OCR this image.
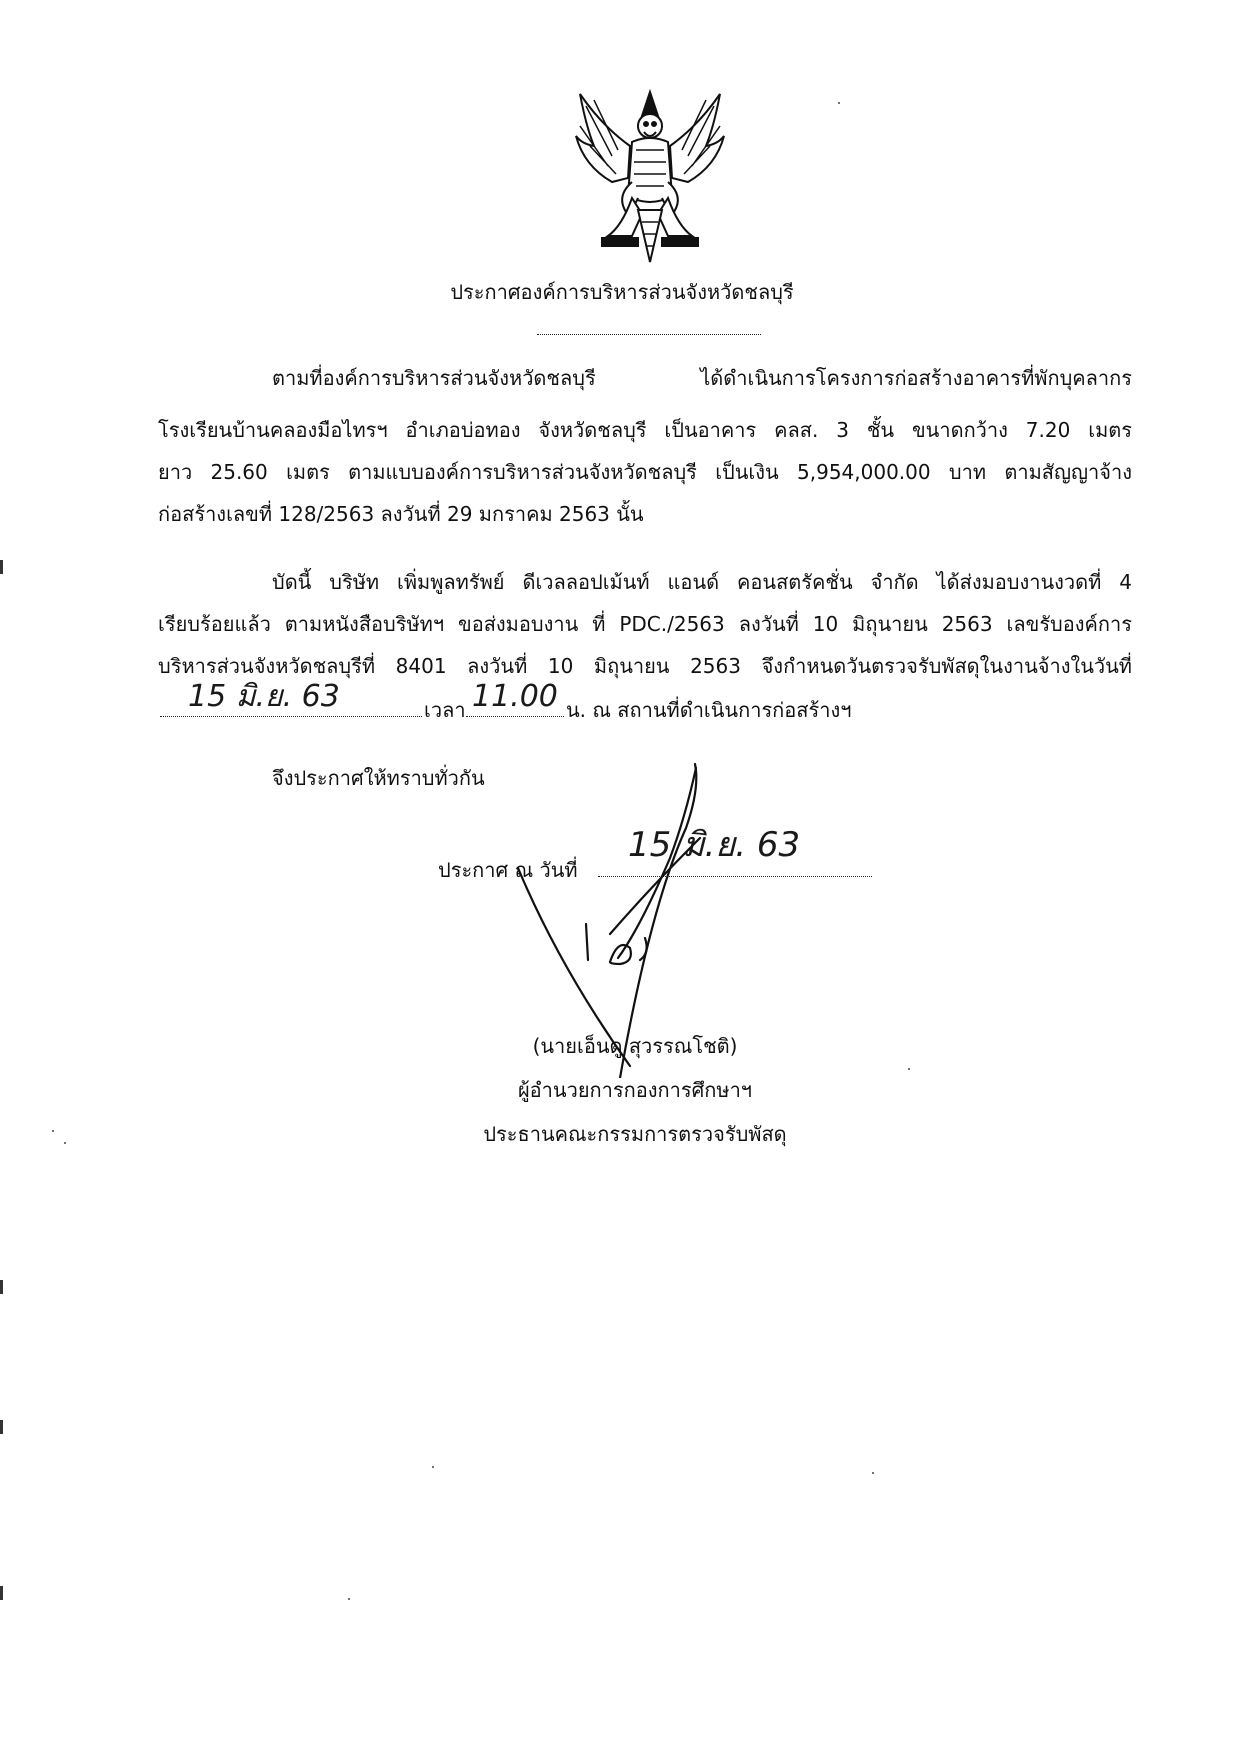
ประกาศองค์การบริหารส่วนจังหวัดชลบุรี
ตามที่องค์การบริหารส่วนจังหวัดชลบุรี ได้ดำเนินการโครงการก่อสร้างอาคารที่พักบุคลากร
โรงเรียนบ้านคลองมือไทรฯ อำเภอบ่อทอง จังหวัดชลบุรี เป็นอาคาร คลส. 3 ชั้น ขนาดกว้าง 7.20 เมตร
ยาว 25.60 เมตร ตามแบบองค์การบริหารส่วนจังหวัดชลบุรี เป็นเงิน 5,954,000.00 บาท ตามสัญญาจ้าง
ก่อสร้างเลขที่ 128/2563 ลงวันที่ 29 มกราคม 2563 นั้น
บัดนี้ บริษัท เพิ่มพูลทรัพย์ ดีเวลลอปเม้นท์ แอนด์ คอนสตรัคชั่น จำกัด ได้ส่งมอบงานงวดที่ 4
เรียบร้อยแล้ว ตามหนังสือบริษัทฯ ขอส่งมอบงาน ที่ PDC./2563 ลงวันที่ 10 มิถุนายน 2563 เลขรับองค์การ
บริหารส่วนจังหวัดชลบุรีที่ 8401 ลงวันที่ 10 มิถุนายน 2563 จึงกำหนดวันตรวจรับพัสดุในงานจ้างในวันที่
15 มิ.ย. 63	เวลา 11.00 น. ณ สถานที่ดำเนินการก่อสร้างฯ
จึงประกาศให้ทราบทั่วกัน
ประกาศ ณ วันที่
15 มิ.ย. 63
(นายเอ็นดู สุวรรณโชติ)
ผู้อำนวยการกองการศึกษาฯ
ประธานคณะกรรมการตรวจรับพัสดุ
